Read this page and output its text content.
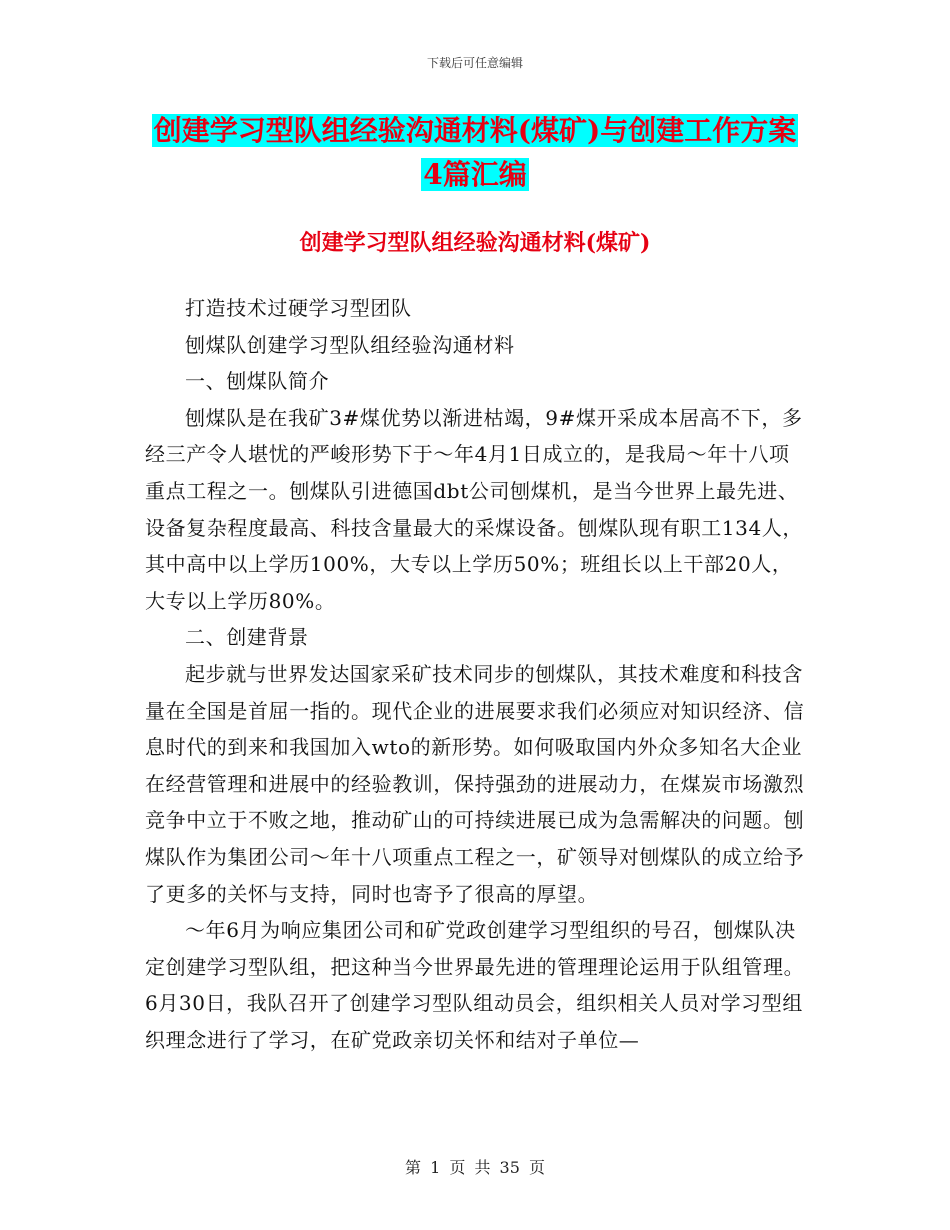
下载后可任意编辑
创建学习型队组经验沟通材料(煤矿)与创建工作方案
4篇汇编
创建学习型队组经验沟通材料(煤矿)

打造技术过硬学习型团队

刨煤队创建学习型队组经验沟通材料

一、刨煤队简介

刨煤队是在我矿3#煤优势以渐进枯竭，9#煤开采成本居高不下，多经三产令人堪忧的严峻形势下于～年4月1日成立的，是我局～年十八项重点工程之一。刨煤队引进德国dbt公司刨煤机，是当今世界上最先进、设备复杂程度最高、科技含量最大的采煤设备。刨煤队现有职工134人，其中高中以上学历100%，大专以上学历50%；班组长以上干部20人，大专以上学历80%。

二、创建背景

起步就与世界发达国家采矿技术同步的刨煤队，其技术难度和科技含量在全国是首屈一指的。现代企业的进展要求我们必须应对知识经济、信息时代的到来和我国加入wto的新形势。如何吸取国内外众多知名大企业在经营管理和进展中的经验教训，保持强劲的进展动力，在煤炭市场激烈竞争中立于不败之地，推动矿山的可持续进展已成为急需解决的问题。刨煤队作为集团公司～年十八项重点工程之一，矿领导对刨煤队的成立给予了更多的关怀与支持，同时也寄予了很高的厚望。

～年6月为响应集团公司和矿党政创建学习型组织的号召，刨煤队决定创建学习型队组，把这种当今世界最先进的管理理论运用于队组管理。6月30日，我队召开了创建学习型队组动员会，组织相关人员对学习型组织理念进行了学习，在矿党政亲切关怀和结对子单位—

第 1 页 共 35 页
